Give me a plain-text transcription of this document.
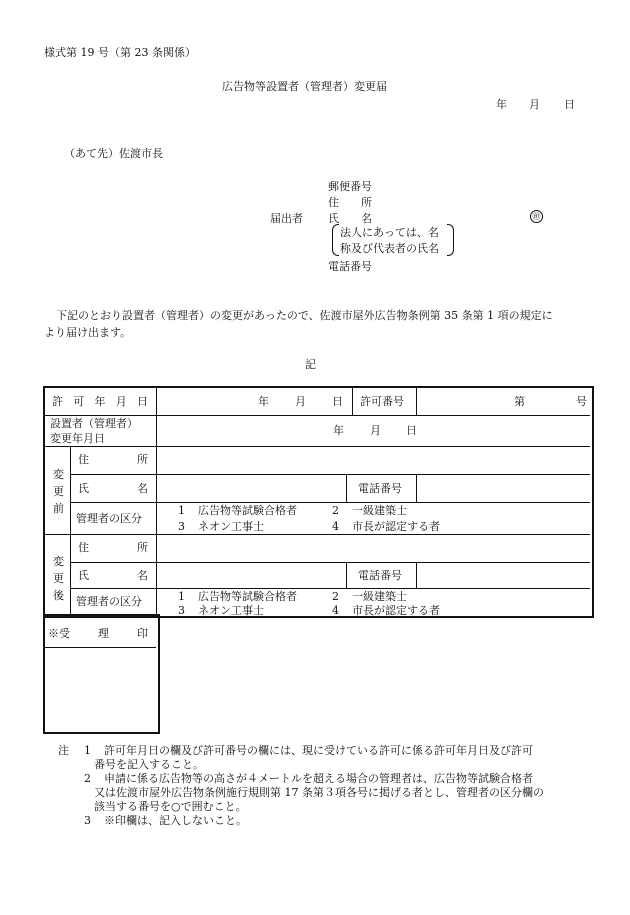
様式第 19 号（第 23 条関係）
広告物等設置者（管理者）変更届
年 月 日
（あて先）佐渡市長
郵便番号
住　　所
届出者 氏　　名	㊞
法人にあっては、名
称及び代表者の氏名
電話番号
下記のとおり設置者（管理者）の変更があったので、佐渡市屋外広告物条例第 35 条第 1 項の規定に
より届け出ます。
記
許 可 年 月 日	年 月 日 許可番号	第	号
設置者（管理者）
変更年月日
年 月 日
変
更
前
住	所
氏	名	電話番号
管理者の区分
1 広告物等試験合格者	2 一級建築士
3 ネオン工事士	4 市長が認定する者
変
更
後
住	所
氏	名	電話番号
管理者の区分	1 広告物等試験合格者	2 一級建築士
3 ネオン工事士	4 市長が認定する者
※受	理	印
注 1 許可年月日の欄及び許可番号の欄には、現に受けている許可に係る許可年月日及び許可
番号を記入すること。
2 申請に係る広告物等の高さが４メートルを超える場合の管理者は、広告物等試験合格者
又は佐渡市屋外広告物条例施行規則第 17 条第３項各号に掲げる者とし、管理者の区分欄の
該当する番号を○で囲むこと。
3 ※印欄は、記入しないこと。
